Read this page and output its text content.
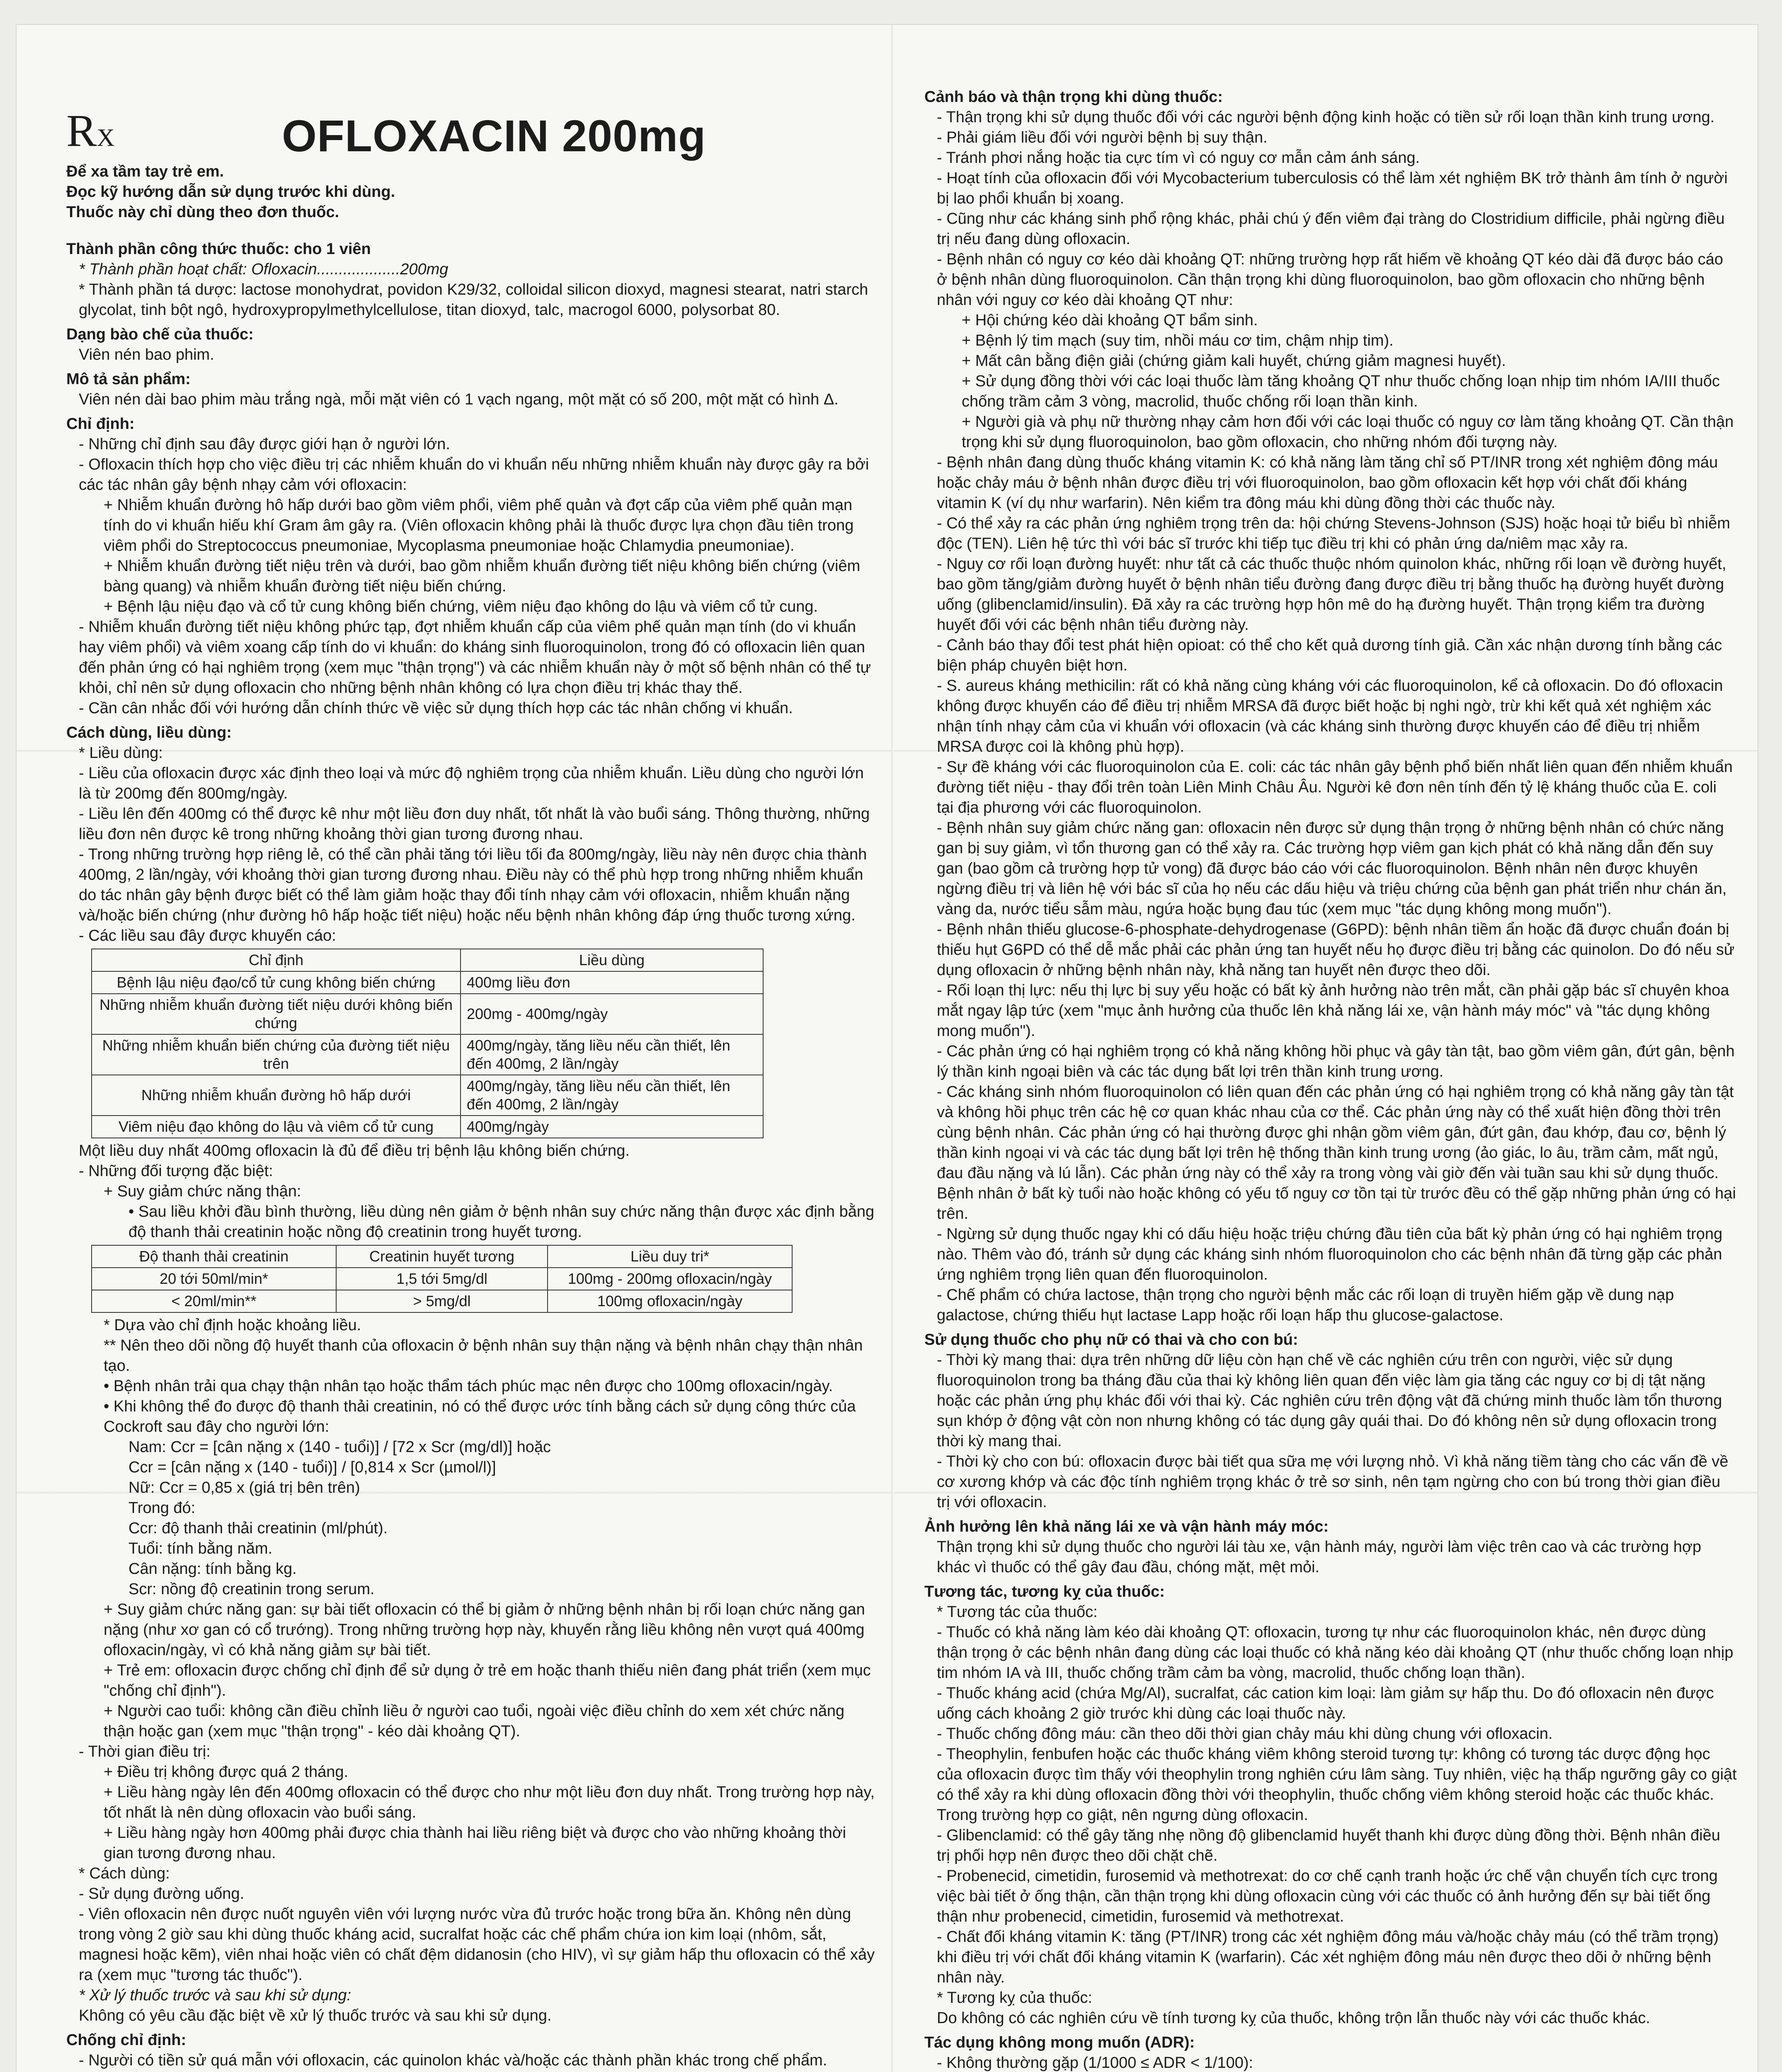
RX	OFLOXACIN 200mg

Để xa tầm tay trẻ em.

Đọc kỹ hướng dẫn sử dụng trước khi dùng.

Thuốc này chỉ dùng theo đơn thuốc.

Thành phần công thức thuốc: cho 1 viên

* Thành phần hoạt chất: Ofloxacin...................200mg

* Thành phần tá dược: lactose monohydrat, povidon K29/32, colloidal silicon dioxyd, magnesi stearat, natri starch glycolat, tinh bột ngô, hydroxypropylmethylcellulose, titan dioxyd, talc, macrogol 6000, polysorbat 80.

Dạng bào chế của thuốc:

Viên nén bao phim.

Mô tả sản phẩm:

Viên nén dài bao phim màu trắng ngà, mỗi mặt viên có 1 vạch ngang, một mặt có số 200, một mặt có hình Δ.

Chỉ định:

- Những chỉ định sau đây được giới hạn ở người lớn.

- Ofloxacin thích hợp cho việc điều trị các nhiễm khuẩn do vi khuẩn nếu những nhiễm khuẩn này được gây ra bởi các tác nhân gây bệnh nhạy cảm với ofloxacin:

+ Nhiễm khuẩn đường hô hấp dưới bao gồm viêm phổi, viêm phế quản và đợt cấp của viêm phế quản mạn tính do vi khuẩn hiếu khí Gram âm gây ra. (Viên ofloxacin không phải là thuốc được lựa chọn đầu tiên trong viêm phổi do Streptococcus pneumoniae, Mycoplasma pneumoniae hoặc Chlamydia pneumoniae).

+ Nhiễm khuẩn đường tiết niệu trên và dưới, bao gồm nhiễm khuẩn đường tiết niệu không biến chứng (viêm bàng quang) và nhiễm khuẩn đường tiết niệu biến chứng.

+ Bệnh lậu niệu đạo và cổ tử cung không biến chứng, viêm niệu đạo không do lậu và viêm cổ tử cung.

- Nhiễm khuẩn đường tiết niệu không phức tạp, đợt nhiễm khuẩn cấp của viêm phế quản mạn tính (do vi khuẩn hay viêm phổi) và viêm xoang cấp tính do vi khuẩn: do kháng sinh fluoroquinolon, trong đó có ofloxacin liên quan đến phản ứng có hại nghiêm trọng (xem mục "thận trọng") và các nhiễm khuẩn này ở một số bệnh nhân có thể tự khỏi, chỉ nên sử dụng ofloxacin cho những bệnh nhân không có lựa chọn điều trị khác thay thế.

- Cần cân nhắc đối với hướng dẫn chính thức về việc sử dụng thích hợp các tác nhân chống vi khuẩn.

Cách dùng, liều dùng:

* Liều dùng:

- Liều của ofloxacin được xác định theo loại và mức độ nghiêm trọng của nhiễm khuẩn. Liều dùng cho người lớn là từ 200mg đến 800mg/ngày.

- Liều lên đến 400mg có thể được kê như một liều đơn duy nhất, tốt nhất là vào buổi sáng. Thông thường, những liều đơn nên được kê trong những khoảng thời gian tương đương nhau.

- Trong những trường hợp riêng lẻ, có thể cần phải tăng tới liều tối đa 800mg/ngày, liều này nên được chia thành 400mg, 2 lần/ngày, với khoảng thời gian tương đương nhau. Điều này có thể phù hợp trong những nhiễm khuẩn do tác nhân gây bệnh được biết có thể làm giảm hoặc thay đổi tính nhạy cảm với ofloxacin, nhiễm khuẩn nặng và/hoặc biến chứng (như đường hô hấp hoặc tiết niệu) hoặc nếu bệnh nhân không đáp ứng thuốc tương xứng.

- Các liều sau đây được khuyến cáo:

Chỉ định	Liều dùng
Bệnh lậu niệu đạo/cổ tử cung không biến chứng	400mg liều đơn
Những nhiễm khuẩn đường tiết niệu dưới không biến chứng	200mg - 400mg/ngày
Những nhiễm khuẩn biến chứng của đường tiết niệu trên	400mg/ngày, tăng liều nếu cần thiết, lên đến 400mg, 2 lần/ngày
Những nhiễm khuẩn đường hô hấp dưới	400mg/ngày, tăng liều nếu cần thiết, lên đến 400mg, 2 lần/ngày
Viêm niệu đạo không do lậu và viêm cổ tử cung	400mg/ngày

Một liều duy nhất 400mg ofloxacin là đủ để điều trị bệnh lậu không biến chứng.

- Những đối tượng đặc biệt:

+ Suy giảm chức năng thận:

• Sau liều khởi đầu bình thường, liều dùng nên giảm ở bệnh nhân suy chức năng thận được xác định bằng độ thanh thải creatinin hoặc nồng độ creatinin trong huyết tương.

Độ thanh thải creatinin	Creatinin huyết tương	Liều duy tri*
20 tới 50ml/min*	1,5 tới 5mg/dl	100mg - 200mg ofloxacin/ngày
< 20ml/min**	> 5mg/dl	100mg ofloxacin/ngày

* Dựa vào chỉ định hoặc khoảng liều.

** Nên theo dõi nồng độ huyết thanh của ofloxacin ở bệnh nhân suy thận nặng và bệnh nhân chạy thận nhân tạo.

• Bệnh nhân trải qua chạy thận nhân tạo hoặc thẩm tách phúc mạc nên được cho 100mg ofloxacin/ngày.

• Khi không thể đo được độ thanh thải creatinin, nó có thể được ước tính bằng cách sử dụng công thức của Cockroft sau đây cho người lớn:

Nam: Ccr = [cân nặng x (140 - tuổi)] / [72 x Scr (mg/dl)] hoặc

Ccr = [cân nặng x (140 - tuổi)] / [0,814 x Scr (µmol/l)]

Nữ: Ccr = 0,85 x (giá trị bên trên)

Trong đó:

Ccr: độ thanh thải creatinin (ml/phút).

Tuổi: tính bằng năm.

Cân nặng: tính bằng kg.

Scr: nồng độ creatinin trong serum.

+ Suy giảm chức năng gan: sự bài tiết ofloxacin có thể bị giảm ở những bệnh nhân bị rối loạn chức năng gan nặng (như xơ gan có cổ trướng). Trong những trường hợp này, khuyến rằng liều không nên vượt quá 400mg ofloxacin/ngày, vì có khả năng giảm sự bài tiết.

+ Trẻ em: ofloxacin được chống chỉ định để sử dụng ở trẻ em hoặc thanh thiếu niên đang phát triển (xem mục "chống chỉ định").

+ Người cao tuổi: không cần điều chỉnh liều ở người cao tuổi, ngoài việc điều chỉnh do xem xét chức năng thận hoặc gan (xem mục "thận trọng" - kéo dài khoảng QT).

- Thời gian điều trị:

+ Điều trị không được quá 2 tháng.

+ Liều hàng ngày lên đến 400mg ofloxacin có thể được cho như một liều đơn duy nhất. Trong trường hợp này, tốt nhất là nên dùng ofloxacin vào buổi sáng.

+ Liều hàng ngày hơn 400mg phải được chia thành hai liều riêng biệt và được cho vào những khoảng thời gian tương đương nhau.

* Cách dùng:

- Sử dụng đường uống.

- Viên ofloxacin nên được nuốt nguyên viên với lượng nước vừa đủ trước hoặc trong bữa ăn. Không nên dùng trong vòng 2 giờ sau khi dùng thuốc kháng acid, sucralfat hoặc các chế phẩm chứa ion kim loại (nhôm, sắt, magnesi hoặc kẽm), viên nhai hoặc viên có chất đệm didanosin (cho HIV), vì sự giảm hấp thu ofloxacin có thể xảy ra (xem mục "tương tác thuốc").

* Xử lý thuốc trước và sau khi sử dụng:

Không có yêu cầu đặc biệt về xử lý thuốc trước và sau khi sử dụng.

Chống chỉ định:

- Người có tiền sử quá mẫn với ofloxacin, các quinolon khác và/hoặc các thành phần khác trong chế phẩm.

Cảnh báo và thận trọng khi dùng thuốc:

- Thận trọng khi sử dụng thuốc đối với các người bệnh động kinh hoặc có tiền sử rối loạn thần kinh trung ương.

- Phải giám liều đối với người bệnh bị suy thận.

- Tránh phơi nắng hoặc tia cực tím vì có nguy cơ mẫn cảm ánh sáng.

- Hoạt tính của ofloxacin đối với Mycobacterium tuberculosis có thể làm xét nghiệm BK trở thành âm tính ở người bị lao phổi khuẩn bị xoang.

- Cũng như các kháng sinh phổ rộng khác, phải chú ý đến viêm đại tràng do Clostridium difficile, phải ngừng điều trị nếu đang dùng ofloxacin.

- Bệnh nhân có nguy cơ kéo dài khoảng QT: những trường hợp rất hiếm về khoảng QT kéo dài đã được báo cáo ở bệnh nhân dùng fluoroquinolon. Cần thận trọng khi dùng fluoroquinolon, bao gồm ofloxacin cho những bệnh nhân với nguy cơ kéo dài khoảng QT như:

+ Hội chứng kéo dài khoảng QT bẩm sinh.

+ Bệnh lý tim mạch (suy tim, nhồi máu cơ tim, chậm nhịp tim).

+ Mất cân bằng điện giải (chứng giảm kali huyết, chứng giảm magnesi huyết).

+ Sử dụng đồng thời với các loại thuốc làm tăng khoảng QT như thuốc chống loạn nhịp tim nhóm IA/III thuốc chống trầm cảm 3 vòng, macrolid, thuốc chống rối loạn thần kinh.

+ Người già và phụ nữ thường nhạy cảm hơn đối với các loại thuốc có nguy cơ làm tăng khoảng QT. Cần thận trọng khi sử dụng fluoroquinolon, bao gồm ofloxacin, cho những nhóm đối tượng này.

- Bệnh nhân đang dùng thuốc kháng vitamin K: có khả năng làm tăng chỉ số PT/INR trong xét nghiệm đông máu hoặc chảy máu ở bệnh nhân được điều trị với fluoroquinolon, bao gồm ofloxacin kết hợp với chất đối kháng vitamin K (ví dụ như warfarin). Nên kiểm tra đông máu khi dùng đồng thời các thuốc này.

- Có thể xảy ra các phản ứng nghiêm trọng trên da: hội chứng Stevens-Johnson (SJS) hoặc hoại tử biểu bì nhiễm độc (TEN). Liên hệ tức thì với bác sĩ trước khi tiếp tục điều trị khi có phản ứng da/niêm mạc xảy ra.

- Nguy cơ rối loạn đường huyết: như tất cả các thuốc thuộc nhóm quinolon khác, những rối loạn về đường huyết, bao gồm tăng/giảm đường huyết ở bệnh nhân tiểu đường đang được điều trị bằng thuốc hạ đường huyết đường uống (glibenclamid/insulin). Đã xảy ra các trường hợp hôn mê do hạ đường huyết. Thận trọng kiểm tra đường huyết đối với các bệnh nhân tiểu đường này.

- Cảnh báo thay đổi test phát hiện opioat: có thể cho kết quả dương tính giả. Cần xác nhận dương tính bằng các biện pháp chuyên biệt hơn.

- S. aureus kháng methicilin: rất có khả năng cùng kháng với các fluoroquinolon, kể cả ofloxacin. Do đó ofloxacin không được khuyến cáo để điều trị nhiễm MRSA đã được biết hoặc bị nghi ngờ, trừ khi kết quả xét nghiệm xác nhận tính nhạy cảm của vi khuẩn với ofloxacin (và các kháng sinh thường được khuyến cáo để điều trị nhiễm MRSA được coi là không phù hợp).

- Sự đề kháng với các fluoroquinolon của E. coli: các tác nhân gây bệnh phổ biến nhất liên quan đến nhiễm khuẩn đường tiết niệu - thay đổi trên toàn Liên Minh Châu Âu. Người kê đơn nên tính đến tỷ lệ kháng thuốc của E. coli tại địa phương với các fluoroquinolon.

- Bệnh nhân suy giảm chức năng gan: ofloxacin nên được sử dụng thận trọng ở những bệnh nhân có chức năng gan bị suy giảm, vì tổn thương gan có thể xảy ra. Các trường hợp viêm gan kịch phát có khả năng dẫn đến suy gan (bao gồm cả trường hợp tử vong) đã được báo cáo với các fluoroquinolon. Bệnh nhân nên được khuyên ngừng điều trị và liên hệ với bác sĩ của họ nếu các dấu hiệu và triệu chứng của bệnh gan phát triển như chán ăn, vàng da, nước tiểu sẫm màu, ngứa hoặc bụng đau túc (xem mục "tác dụng không mong muốn").

- Bệnh nhân thiếu glucose-6-phosphate-dehydrogenase (G6PD): bệnh nhân tiềm ẩn hoặc đã được chuẩn đoán bị thiếu hụt G6PD có thể dễ mắc phải các phản ứng tan huyết nếu họ được điều trị bằng các quinolon. Do đó nếu sử dụng ofloxacin ở những bệnh nhân này, khả năng tan huyết nên được theo dõi.

- Rối loạn thị lực: nếu thị lực bị suy yếu hoặc có bất kỳ ảnh hưởng nào trên mắt, cần phải gặp bác sĩ chuyên khoa mắt ngay lập tức (xem "mục ảnh hưởng của thuốc lên khả năng lái xe, vận hành máy móc" và "tác dụng không mong muốn").

- Các phản ứng có hại nghiêm trọng có khả năng không hồi phục và gây tàn tật, bao gồm viêm gân, đứt gân, bệnh lý thần kinh ngoại biên và các tác dụng bất lợi trên thần kinh trung ương.

- Các kháng sinh nhóm fluoroquinolon có liên quan đến các phản ứng có hại nghiêm trọng có khả năng gây tàn tật và không hồi phục trên các hệ cơ quan khác nhau của cơ thể. Các phản ứng này có thể xuất hiện đồng thời trên cùng bệnh nhân. Các phản ứng có hại thường được ghi nhận gồm viêm gân, đứt gân, đau khớp, đau cơ, bệnh lý thần kinh ngoại vi và các tác dụng bất lợi trên hệ thống thần kinh trung ương (ảo giác, lo âu, trầm cảm, mất ngủ, đau đầu nặng và lú lẫn). Các phản ứng này có thể xảy ra trong vòng vài giờ đến vài tuần sau khi sử dụng thuốc. Bệnh nhân ở bất kỳ tuổi nào hoặc không có yếu tố nguy cơ tồn tại từ trước đều có thể gặp những phản ứng có hại trên.

- Ngừng sử dụng thuốc ngay khi có dấu hiệu hoặc triệu chứng đầu tiên của bất kỳ phản ứng có hại nghiêm trọng nào. Thêm vào đó, tránh sử dụng các kháng sinh nhóm fluoroquinolon cho các bệnh nhân đã từng gặp các phản ứng nghiêm trọng liên quan đến fluoroquinolon.

- Chế phẩm có chứa lactose, thận trọng cho người bệnh mắc các rối loạn di truyền hiếm gặp về dung nạp galactose, chứng thiếu hụt lactase Lapp hoặc rối loạn hấp thu glucose-galactose.

Sử dụng thuốc cho phụ nữ có thai và cho con bú:

- Thời kỳ mang thai: dựa trên những dữ liệu còn hạn chế về các nghiên cứu trên con người, việc sử dụng fluoroquinolon trong ba tháng đầu của thai kỳ không liên quan đến việc làm gia tăng các nguy cơ bị dị tật nặng hoặc các phản ứng phụ khác đối với thai kỳ. Các nghiên cứu trên động vật đã chứng minh thuốc làm tổn thương sụn khớp ở động vật còn non nhưng không có tác dụng gây quái thai. Do đó không nên sử dụng ofloxacin trong thời kỳ mang thai.

- Thời kỳ cho con bú: ofloxacin được bài tiết qua sữa mẹ với lượng nhỏ. Vì khả năng tiềm tàng cho các vấn đề về cơ xương khớp và các độc tính nghiêm trọng khác ở trẻ sơ sinh, nên tạm ngừng cho con bú trong thời gian điều trị với ofloxacin.

Ảnh hưởng lên khả năng lái xe và vận hành máy móc:

Thận trọng khi sử dụng thuốc cho người lái tàu xe, vận hành máy, người làm việc trên cao và các trường hợp khác vì thuốc có thể gây đau đầu, chóng mặt, mệt mỏi.

Tương tác, tương kỵ của thuốc:

* Tương tác của thuốc:

- Thuốc có khả năng làm kéo dài khoảng QT: ofloxacin, tương tự như các fluoroquinolon khác, nên được dùng thận trọng ở các bệnh nhân đang dùng các loại thuốc có khả năng kéo dài khoảng QT (như thuốc chống loạn nhịp tim nhóm IA và III, thuốc chống trầm cảm ba vòng, macrolid, thuốc chống loạn thần).

- Thuốc kháng acid (chứa Mg/Al), sucralfat, các cation kim loại: làm giảm sự hấp thu. Do đó ofloxacin nên được uống cách khoảng 2 giờ trước khi dùng các loại thuốc này.

- Thuốc chống đông máu: cần theo dõi thời gian chảy máu khi dùng chung với ofloxacin.

- Theophylin, fenbufen hoặc các thuốc kháng viêm không steroid tương tự: không có tương tác dược động học của ofloxacin được tìm thấy với theophylin trong nghiên cứu lâm sàng. Tuy nhiên, việc hạ thấp ngưỡng gây co giật có thể xảy ra khi dùng ofloxacin đồng thời với theophylin, thuốc chống viêm không steroid hoặc các thuốc khác. Trong trường hợp co giật, nên ngưng dùng ofloxacin.

- Glibenclamid: có thể gây tăng nhẹ nồng độ glibenclamid huyết thanh khi được dùng đồng thời. Bệnh nhân điều trị phối hợp nên được theo dõi chặt chẽ.

- Probenecid, cimetidin, furosemid và methotrexat: do cơ chế cạnh tranh hoặc ức chế vận chuyển tích cực trong việc bài tiết ở ống thận, cần thận trọng khi dùng ofloxacin cùng với các thuốc có ảnh hưởng đến sự bài tiết ống thận như probenecid, cimetidin, furosemid và methotrexat.

- Chất đối kháng vitamin K: tăng (PT/INR) trong các xét nghiệm đông máu và/hoặc chảy máu (có thể trầm trọng) khi điều trị với chất đối kháng vitamin K (warfarin). Các xét nghiệm đông máu nên được theo dõi ở những bệnh nhân này.

* Tương kỵ của thuốc:

Do không có các nghiên cứu về tính tương kỵ của thuốc, không trộn lẫn thuốc này với các thuốc khác.

Tác dụng không mong muốn (ADR):

- Không thường gặp (1/1000 ≤ ADR < 1/100):
